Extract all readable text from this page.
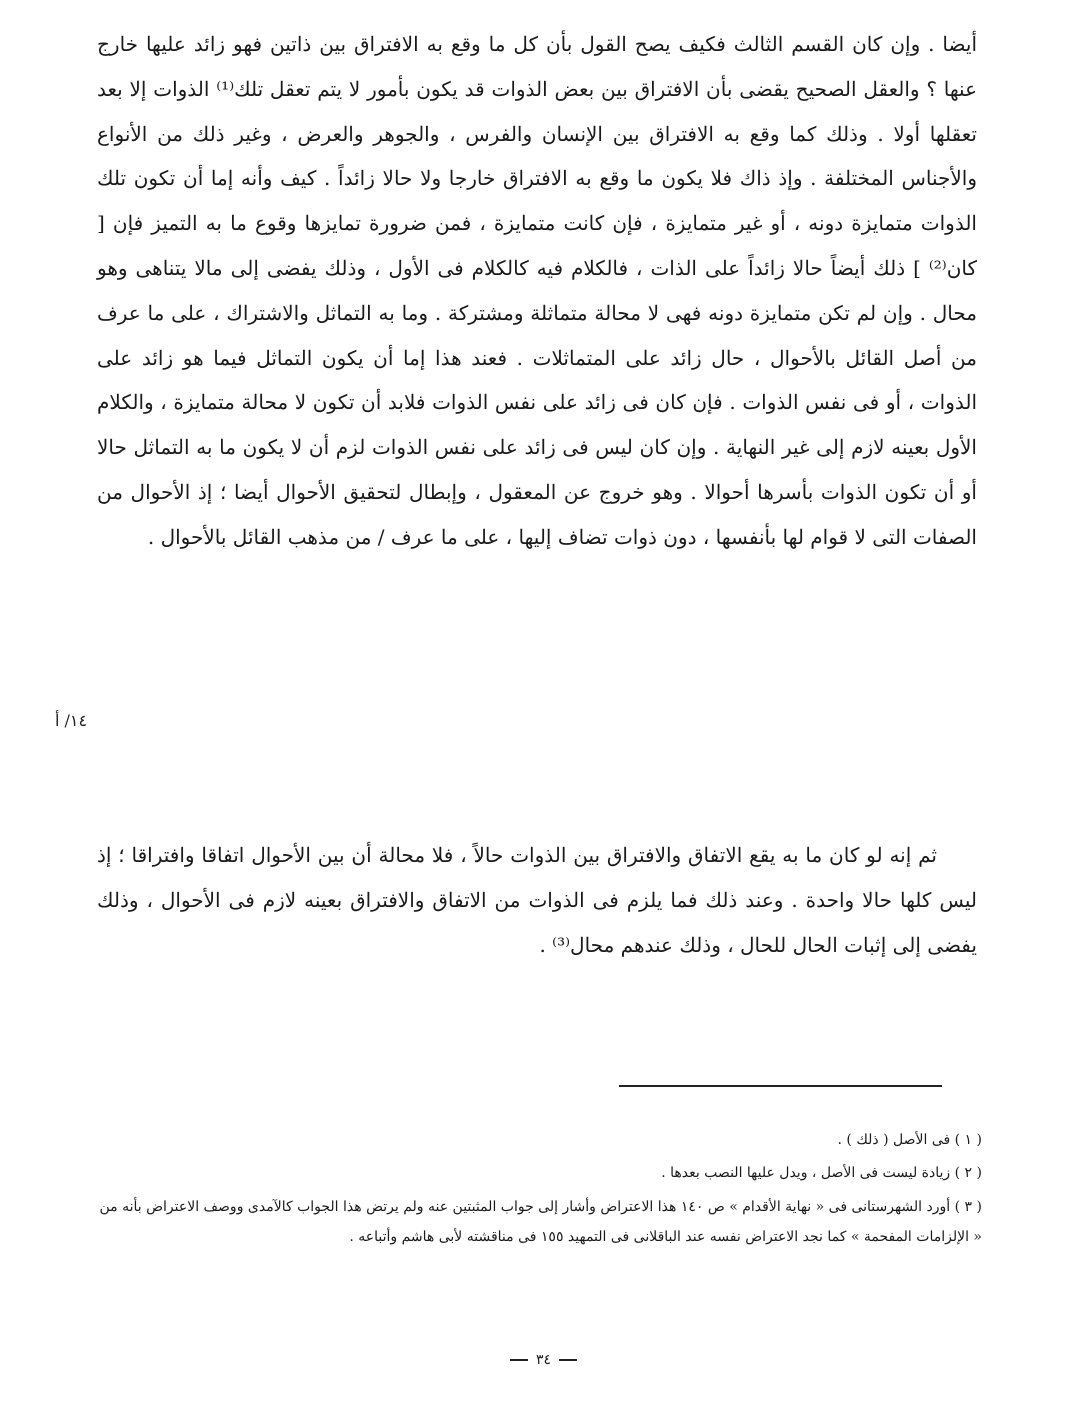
أيضا . وإن كان القسم الثالث فكيف يصح القول بأن كل ما وقع به الافتراق بين ذاتين فهو زائد عليها خارج عنها ؟ والعقل الصحيح يقضى بأن الافتراق بين بعض الذوات قد يكون بأمور لا يتم تعقل تلك⁽¹⁾ الذوات إلا بعد تعقلها أولا . وذلك كما وقع به الافتراق بين الإنسان والفرس ، والجوهر والعرض ، وغير ذلك من الأنواع والأجناس المختلفة . وإذ ذاك فلا يكون ما وقع به الافتراق خارجا ولا حالا زائداً . كيف وأنه إما أن تكون تلك الذوات متمايزة دونه ، أو غير متمايزة ، فإن كانت متمايزة ، فمن ضرورة تمايزها وقوع ما به التميز فإن [ كان⁽²⁾ ] ذلك أيضاً حالا زائداً على الذات ، فالكلام فيه كالكلام فى الأول ، وذلك يفضى إلى مالا يتناهى وهو محال . وإن لم تكن متمايزة دونه فهى لا محالة متماثلة ومشتركة . وما به التماثل والاشتراك ، على ما عرف من أصل القائل بالأحوال ، حال زائد على المتماثلات . فعند هذا إما أن يكون التماثل فيما هو زائد على الذوات ، أو فى نفس الذوات . فإن كان فى زائد على نفس الذوات فلابد أن تكون لا محالة متمايزة ، والكلام الأول بعينه لازم إلى غير النهاية . وإن كان ليس فى زائد على نفس الذوات لزم أن لا يكون ما به التماثل حالا أو أن تكون الذوات بأسرها أحوالا . وهو خروج عن المعقول ، وإبطال لتحقيق الأحوال أيضا ؛ إذ الأحوال من الصفات التى لا قوام لها بأنفسها ، دون ذوات تضاف إليها ، على ما عرف / من مذهب القائل بالأحوال .

١٤/ أ

ثم إنه لو كان ما به يقع الاتفاق والافتراق بين الذوات حالاً ، فلا محالة أن بين الأحوال اتفاقا وافتراقا ؛ إذ ليس كلها حالا واحدة . وعند ذلك فما يلزم فى الذوات من الاتفاق والافتراق بعينه لازم فى الأحوال ، وذلك يفضى إلى إثبات الحال للحال ، وذلك عندهم محال⁽³⁾ .

( ١ ) فى الأصل ( ذلك ) .

( ٢ ) زيادة ليست فى الأصل ، ويدل عليها النصب بعدها .

( ٣ ) أورد الشهرستانى فى « نهاية الأقدام » ص ١٤٠ هذا الاعتراض وأشار إلى جواب المثبتين عنه ولم يرتض هذا الجواب كالآمدى ووصف الاعتراض بأنه من « الإلزامات المفحمة » كما نجد الاعتراض نفسه عند الباقلانى فى التمهيد ١٥٥ فى مناقشته لأبى هاشم وأتباعه .

٣٤
